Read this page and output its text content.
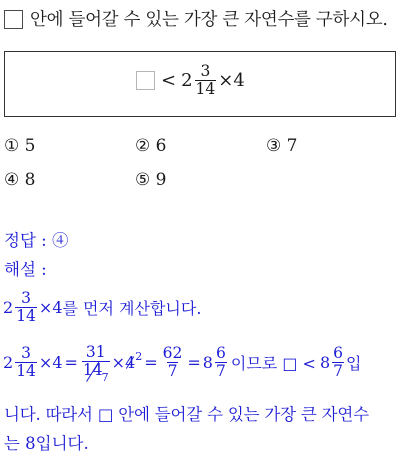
안에 들어갈 수 있는 가장 큰 자연수를 구하시오.
< $2 \frac{3}{14} \times 4$
① 5	② 6	③ 7
④ 8	⑤ 9
정답 : ④
해설 :
$2 \frac{3}{14} \times 4$ 를 먼저 계산합니다.
$2 \frac{3}{14} \times 4 = \frac{31}{14_7} \times 4$ $2 = \frac{62}{7} = 8 \frac{6}{7}$ 이므로 □ < $8 \frac{6}{7}$ 입
니다. 따라서 □ 안에 들어갈 수 있는 가장 큰 자연수
는 8입니다.
